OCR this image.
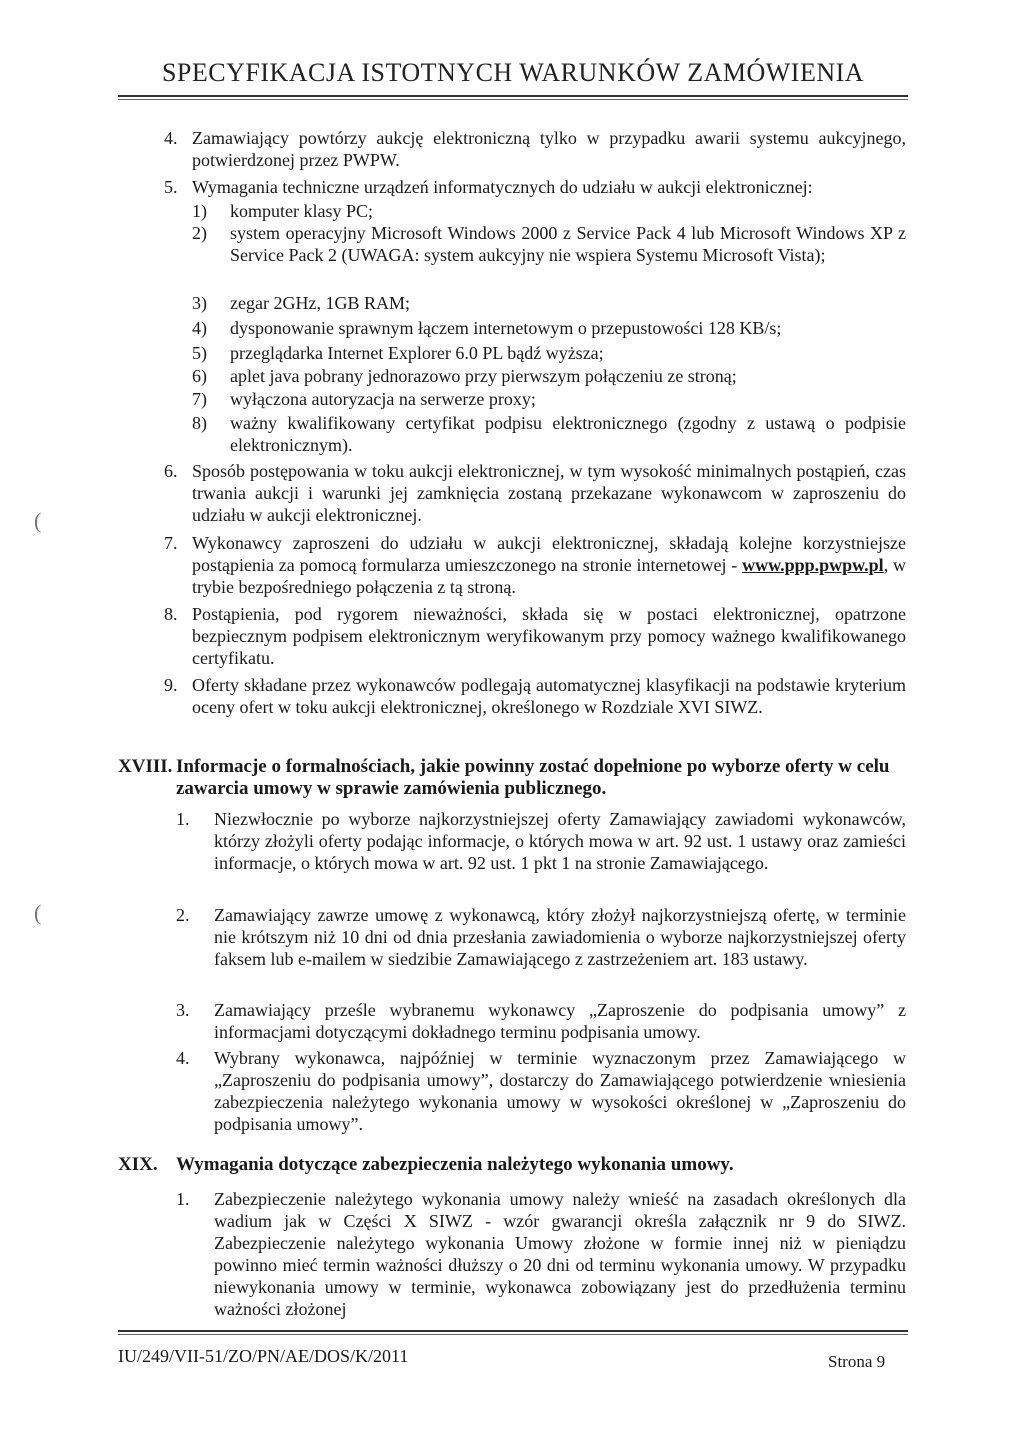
SPECYFIKACJA ISTOTNYCH WARUNKÓW ZAMÓWIENIA
4. Zamawiający powtórzy aukcję elektroniczną tylko w przypadku awarii systemu aukcyjnego, potwierdzonej przez PWPW.
5. Wymagania techniczne urządzeń informatycznych do udziału w aukcji elektronicznej:
1) komputer klasy PC;
2) system operacyjny Microsoft Windows 2000 z Service Pack 4 lub Microsoft Windows XP z Service Pack 2 (UWAGA: system aukcyjny nie wspiera Systemu Microsoft Vista);
3) zegar 2GHz, 1GB RAM;
4) dysponowanie sprawnym łączem internetowym o przepustowości 128 KB/s;
5) przeglądarka Internet Explorer 6.0 PL bądź wyższa;
6) aplet java pobrany jednorazowo przy pierwszym połączeniu ze stroną;
7) wyłączona autoryzacja na serwerze proxy;
8) ważny kwalifikowany certyfikat podpisu elektronicznego (zgodny z ustawą o podpisie elektronicznym).
6. Sposób postępowania w toku aukcji elektronicznej, w tym wysokość minimalnych postąpień, czas trwania aukcji i warunki jej zamknięcia zostaną przekazane wykonawcom w zaproszeniu do udziału w aukcji elektronicznej.
7. Wykonawcy zaproszeni do udziału w aukcji elektronicznej, składają kolejne korzystniejsze postąpienia za pomocą formularza umieszczonego na stronie internetowej - www.ppp.pwpw.pl, w trybie bezpośredniego połączenia z tą stroną.
8. Postąpienia, pod rygorem nieważności, składa się w postaci elektronicznej, opatrzone bezpiecznym podpisem elektronicznym weryfikowanym przy pomocy ważnego kwalifikowanego certyfikatu.
9. Oferty składane przez wykonawców podlegają automatycznej klasyfikacji na podstawie kryterium oceny ofert w toku aukcji elektronicznej, określonego w Rozdziale XVI SIWZ.
XVIII. Informacje o formalnościach, jakie powinny zostać dopełnione po wyborze oferty w celu zawarcia umowy w sprawie zamówienia publicznego.
1. Niezwłocznie po wyborze najkorzystniejszej oferty Zamawiający zawiadomi wykonawców, którzy złożyli oferty podając informacje, o których mowa w art. 92 ust. 1 ustawy oraz zamieści informacje, o których mowa w art. 92 ust. 1 pkt 1 na stronie Zamawiającego.
2. Zamawiający zawrze umowę z wykonawcą, który złożył najkorzystniejszą ofertę, w terminie nie krótszym niż 10 dni od dnia przesłania zawiadomienia o wyborze najkorzystniejszej oferty faksem lub e-mailem w siedzibie Zamawiającego z zastrzeżeniem art. 183 ustawy.
3. Zamawiający prześle wybranemu wykonawcy „Zaproszenie do podpisania umowy” z informacjami dotyczącymi dokładnego terminu podpisania umowy.
4. Wybrany wykonawca, najpóźniej w terminie wyznaczonym przez Zamawiającego w „Zaproszeniu do podpisania umowy”, dostarczy do Zamawiającego potwierdzenie wniesienia zabezpieczenia należytego wykonania umowy w wysokości określonej w „Zaproszeniu do podpisania umowy”.
XIX. Wymagania dotyczące zabezpieczenia należytego wykonania umowy.
1. Zabezpieczenie należytego wykonania umowy należy wnieść na zasadach określonych dla wadium jak w Części X SIWZ - wzór gwarancji określa załącznik nr 9 do SIWZ. Zabezpieczenie należytego wykonania Umowy złożone w formie innej niż w pieniądzu powinno mieć termin ważności dłuższy o 20 dni od terminu wykonania umowy. W przypadku niewykonania umowy w terminie, wykonawca zobowiązany jest do przedłużenia terminu ważności złożonej
(
(
IU/249/VII-51/ZO/PN/AE/DOS/K/2011	Strona 9
